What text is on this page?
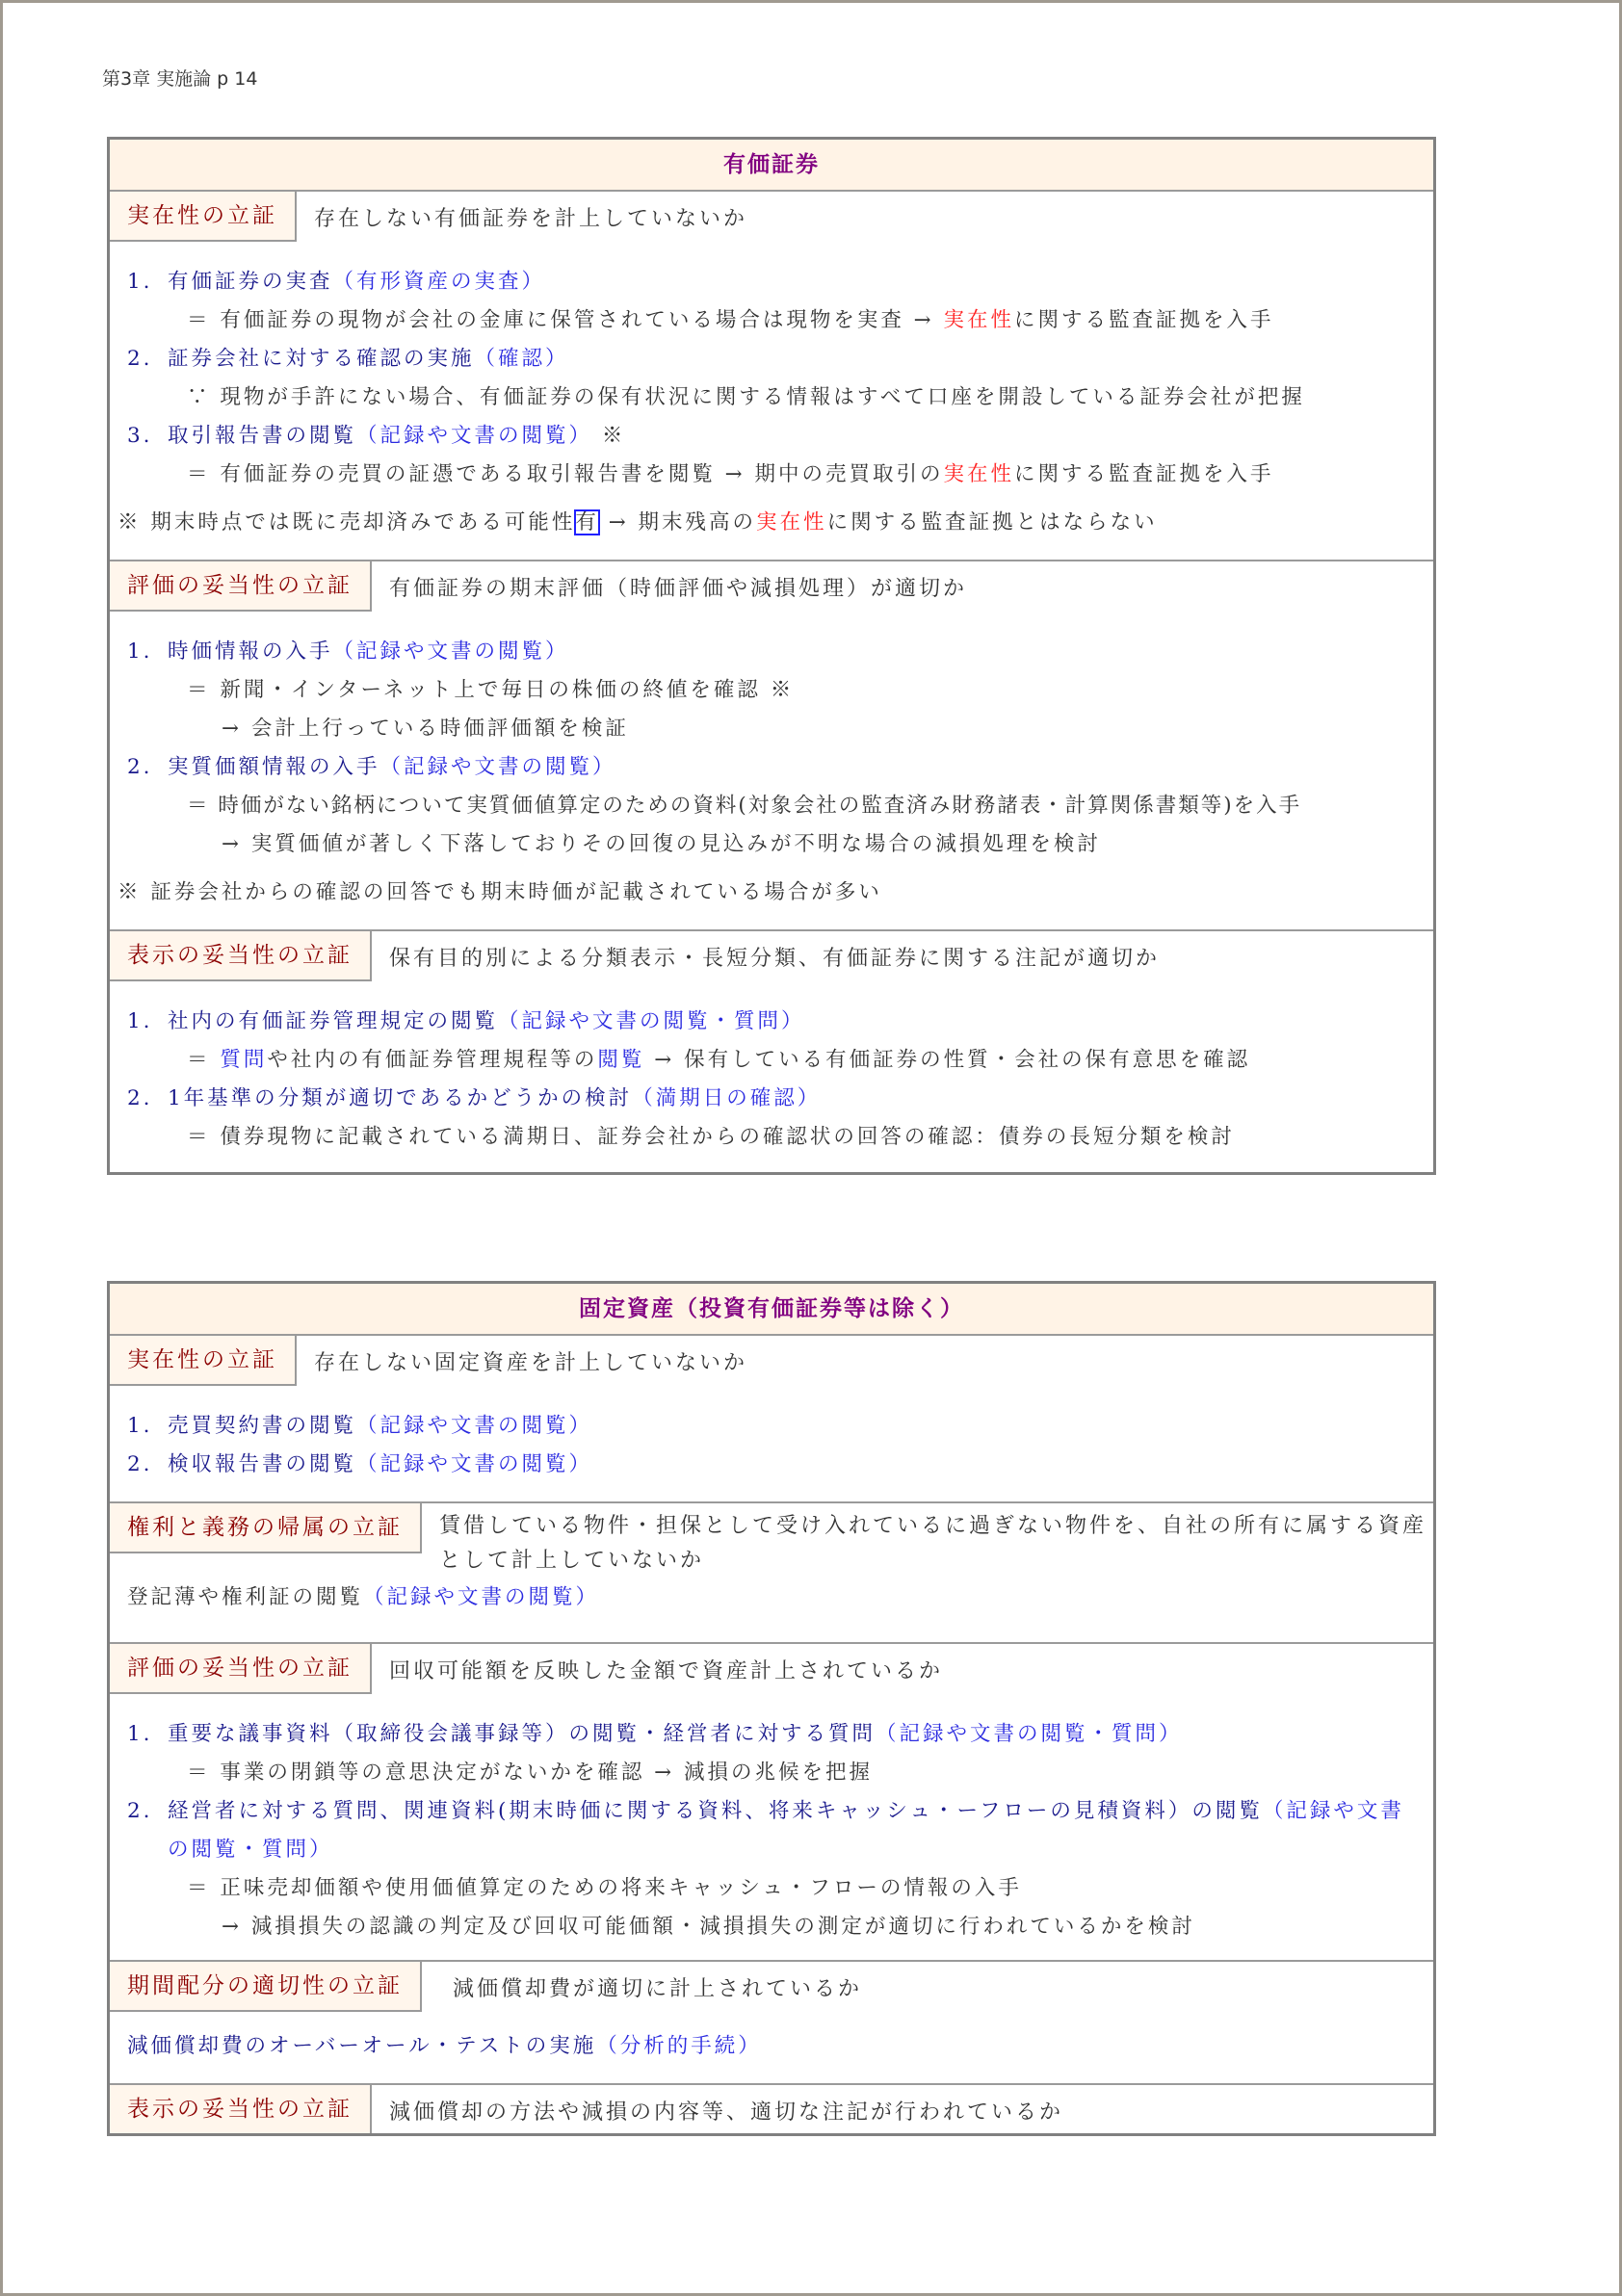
第3章 実施論 p 14
有価証券
実在性の立証	存在しない有価証券を計上していないか
1. 有価証券の実査（有形資産の実査）
＝ 有価証券の現物が会社の金庫に保管されている場合は現物を実査 → 実在性に関する監査証拠を入手
2. 証券会社に対する確認の実施（確認）
∵ 現物が手許にない場合、有価証券の保有状況に関する情報はすべて口座を開設している証券会社が把握
3. 取引報告書の閲覧（記録や文書の閲覧） ※
＝ 有価証券の売買の証憑である取引報告書を閲覧 → 期中の売買取引の実在性に関する監査証拠を入手
※ 期末時点では既に売却済みである可能性有 → 期末残高の実在性に関する監査証拠とはならない
評価の妥当性の立証	有価証券の期末評価（時価評価や減損処理）が適切か
1. 時価情報の入手（記録や文書の閲覧）
＝ 新聞・インターネット上で毎日の株価の終値を確認 ※
→ 会計上行っている時価評価額を検証
2. 実質価額情報の入手（記録や文書の閲覧）
＝ 時価がない銘柄について実質価値算定のための資料(対象会社の監査済み財務諸表・計算関係書類等)を入手
→ 実質価値が著しく下落しておりその回復の見込みが不明な場合の減損処理を検討
※ 証券会社からの確認の回答でも期末時価が記載されている場合が多い
表示の妥当性の立証	保有目的別による分類表示・長短分類、有価証券に関する注記が適切か
1. 社内の有価証券管理規定の閲覧（記録や文書の閲覧・質問）
＝ 質問や社内の有価証券管理規程等の閲覧 → 保有している有価証券の性質・会社の保有意思を確認
2. 1年基準の分類が適切であるかどうかの検討（満期日の確認）
＝ 債券現物に記載されている満期日、証券会社からの確認状の回答の確認：債券の長短分類を検討
固定資産（投資有価証券等は除く）
実在性の立証	存在しない固定資産を計上していないか
1. 売買契約書の閲覧（記録や文書の閲覧）
2. 検収報告書の閲覧（記録や文書の閲覧）
権利と義務の帰属の立証	賃借している物件・担保として受け入れているに過ぎない物件を、自社の所有に属する資産として計上していないか
登記薄や権利証の閲覧（記録や文書の閲覧）
評価の妥当性の立証	回収可能額を反映した金額で資産計上されているか
1. 重要な議事資料（取締役会議事録等）の閲覧・経営者に対する質問（記録や文書の閲覧・質問）
＝ 事業の閉鎖等の意思決定がないかを確認 → 減損の兆候を把握
2. 経営者に対する質問、関連資料(期末時価に関する資料、将来キャッシュ・ーフローの見積資料）の閲覧（記録や文書の閲覧・質問）
＝ 正味売却価額や使用価値算定のための将来キャッシュ・フローの情報の入手
→ 減損損失の認識の判定及び回収可能価額・減損損失の測定が適切に行われているかを検討
期間配分の適切性の立証	減価償却費が適切に計上されているか
減価償却費のオーバーオール・テストの実施（分析的手続）
表示の妥当性の立証	減価償却の方法や減損の内容等、適切な注記が行われているか
